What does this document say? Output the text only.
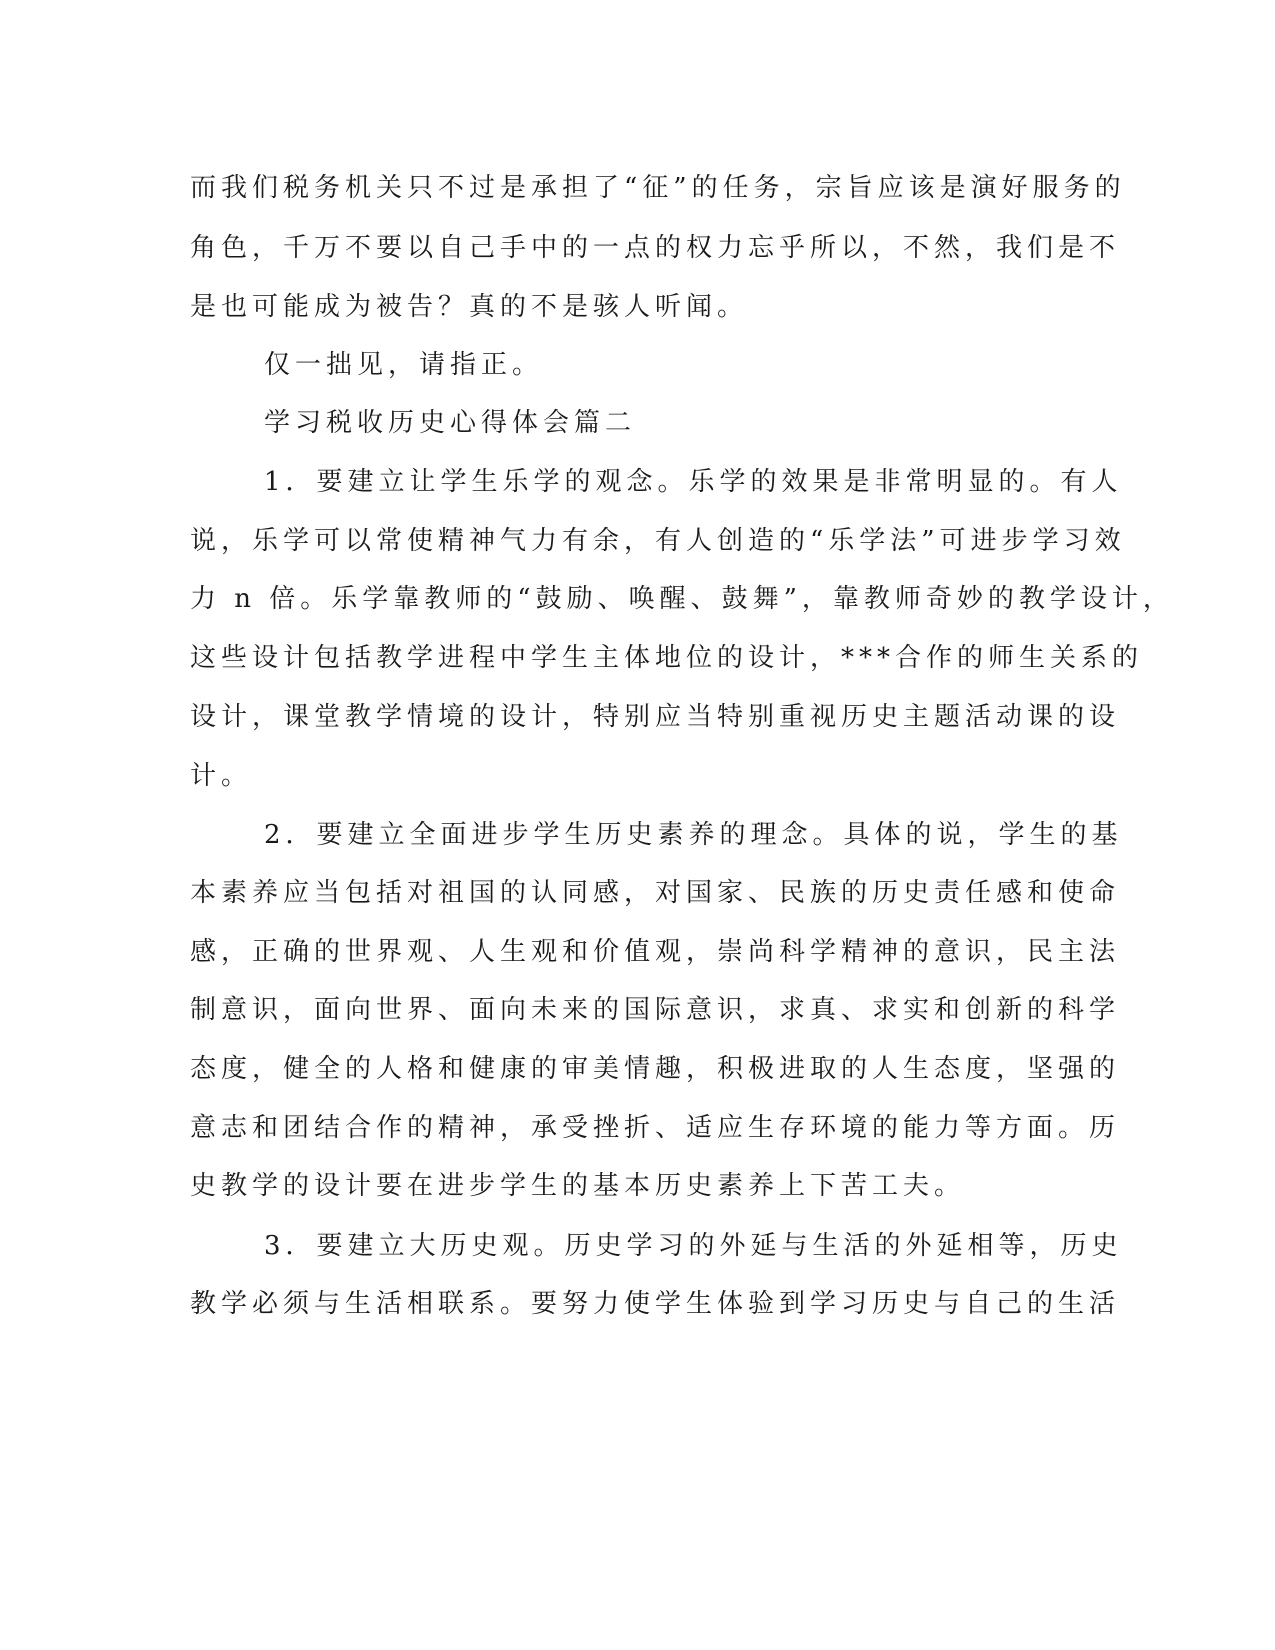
而我们税务机关只不过是承担了“征”的任务，宗旨应该是演好服务的

角色，千万不要以自己手中的一点的权力忘乎所以，不然，我们是不

是也可能成为被告？真的不是骇人听闻。

仅一拙见，请指正。

学习税收历史心得体会篇二

1．要建立让学生乐学的观念。乐学的效果是非常明显的。有人

说，乐学可以常使精神气力有余，有人创造的“乐学法”可进步学习效

力 n 倍。乐学靠教师的“鼓励、唤醒、鼓舞”，靠教师奇妙的教学设计，

这些设计包括教学进程中学生主体地位的设计，***合作的师生关系的

设计，课堂教学情境的设计，特别应当特别重视历史主题活动课的设

计。

2．要建立全面进步学生历史素养的理念。具体的说，学生的基

本素养应当包括对祖国的认同感，对国家、民族的历史责任感和使命

感，正确的世界观、人生观和价值观，崇尚科学精神的意识，民主法

制意识，面向世界、面向未来的国际意识，求真、求实和创新的科学

态度，健全的人格和健康的审美情趣，积极进取的人生态度，坚强的

意志和团结合作的精神，承受挫折、适应生存环境的能力等方面。历

史教学的设计要在进步学生的基本历史素养上下苦工夫。

3．要建立大历史观。历史学习的外延与生活的外延相等，历史

教学必须与生活相联系。要努力使学生体验到学习历史与自己的生活
